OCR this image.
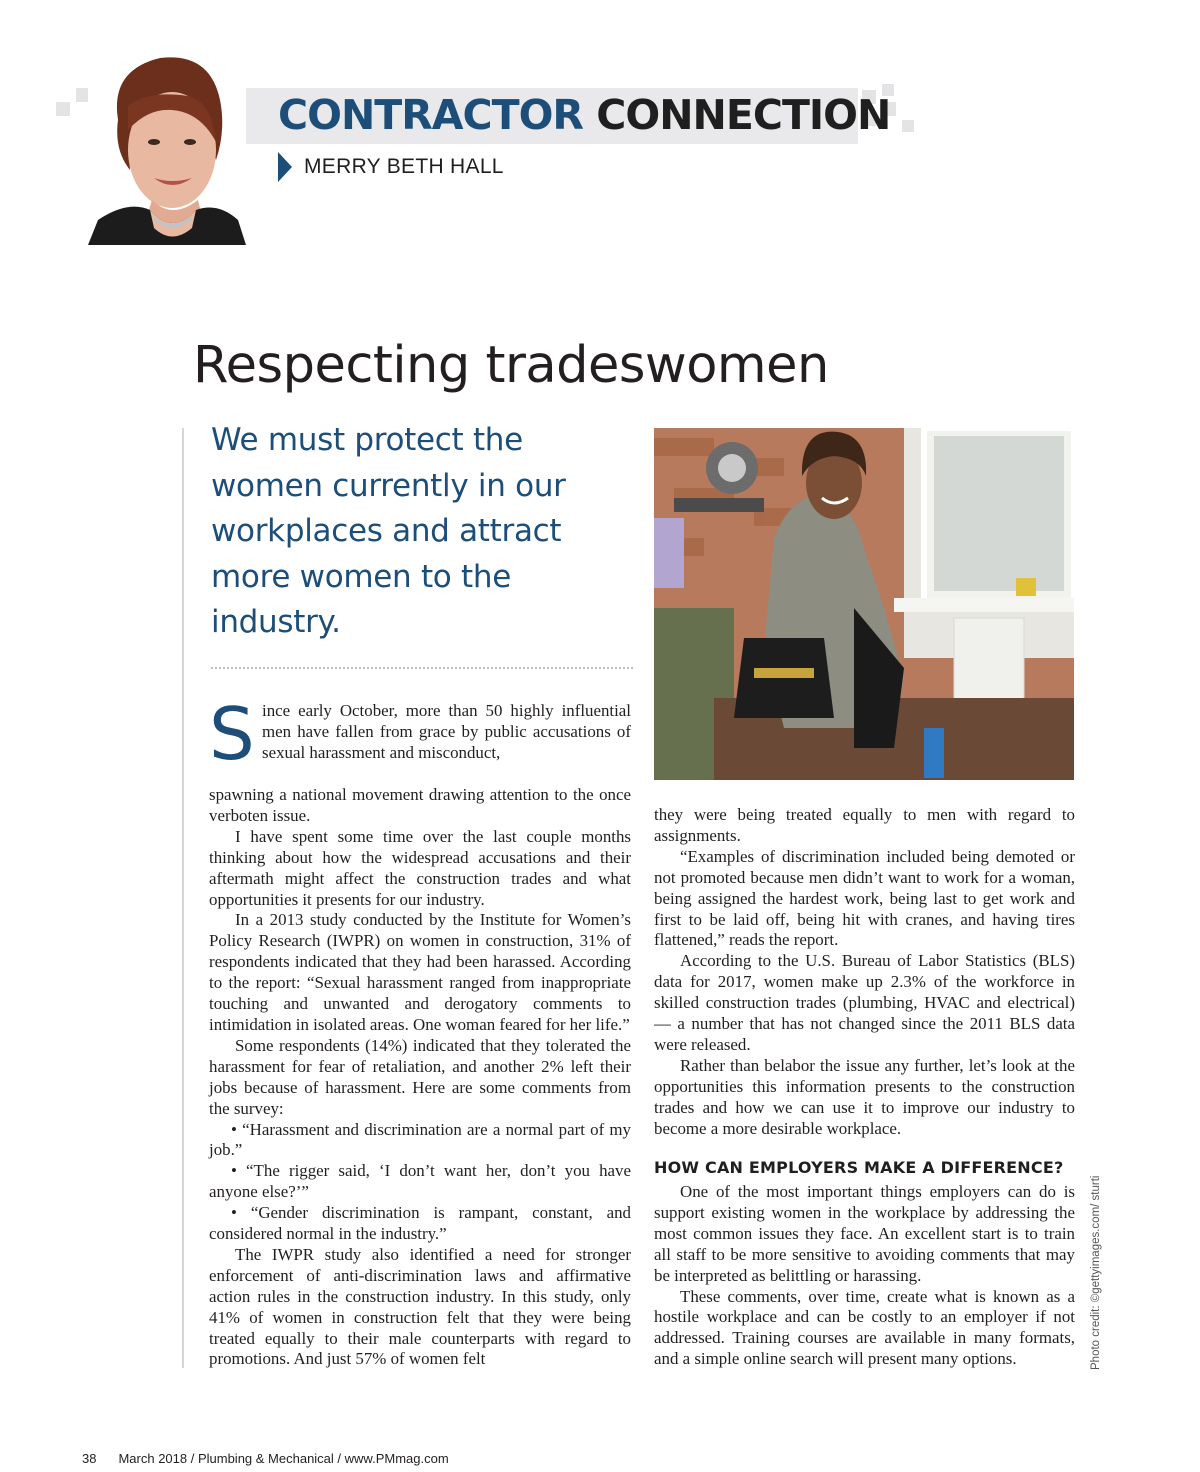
CONTRACTOR CONNECTION
MERRY BETH HALL
Respecting tradeswomen
We must protect the women currently in our workplaces and attract more women to the industry.
S ince early October, more than 50 highly influential men have fallen from grace by public accusations of sexual harassment and misconduct,

spawning a national movement drawing attention to the once verboten issue.

I have spent some time over the last couple months thinking about how the widespread accusations and their aftermath might affect the construction trades and what opportunities it presents for our industry.

In a 2013 study conducted by the Institute for Women’s Policy Research (IWPR) on women in construction, 31% of respondents indicated that they had been harassed. According to the report: “Sexual harassment ranged from inappropriate touching and unwanted and derogatory comments to intimidation in isolated areas. One woman feared for her life.”

Some respondents (14%) indicated that they tolerated the harassment for fear of retaliation, and another 2% left their jobs because of harassment. Here are some comments from the survey:

• “Harassment and discrimination are a normal part of my job.”

• “The rigger said, ‘I don’t want her, don’t you have anyone else?’”

• “Gender discrimination is rampant, constant, and considered normal in the industry.”

The IWPR study also identified a need for stronger enforcement of anti-discrimination laws and affirmative action rules in the construction industry. In this study, only 41% of women in construction felt that they were being treated equally to their male counterparts with regard to promotions. And just 57% of women felt

they were being treated equally to men with regard to assignments.

“Examples of discrimination included being demoted or not promoted because men didn’t want to work for a woman, being assigned the hardest work, being last to get work and first to be laid off, being hit with cranes, and having tires flattened,” reads the report.

According to the U.S. Bureau of Labor Statistics (BLS) data for 2017, women make up 2.3% of the workforce in skilled construction trades (plumbing, HVAC and electrical) — a number that has not changed since the 2011 BLS data were released.

Rather than belabor the issue any further, let’s look at the opportunities this information presents to the construction trades and how we can use it to improve our industry to become a more desirable workplace.

HOW CAN EMPLOYERS MAKE A DIFFERENCE?

One of the most important things employers can do is support existing women in the workplace by addressing the most common issues they face. An excellent start is to train all staff to be more sensitive to avoiding comments that may be interpreted as belittling or harassing.

These comments, over time, create what is known as a hostile workplace and can be costly to an employer if not addressed. Training courses are available in many formats, and a simple online search will present many options.	Photo credit: ©gettyimages.com/ sturti
38 March 2018 / Plumbing & Mechanical / www.PMmag.com
